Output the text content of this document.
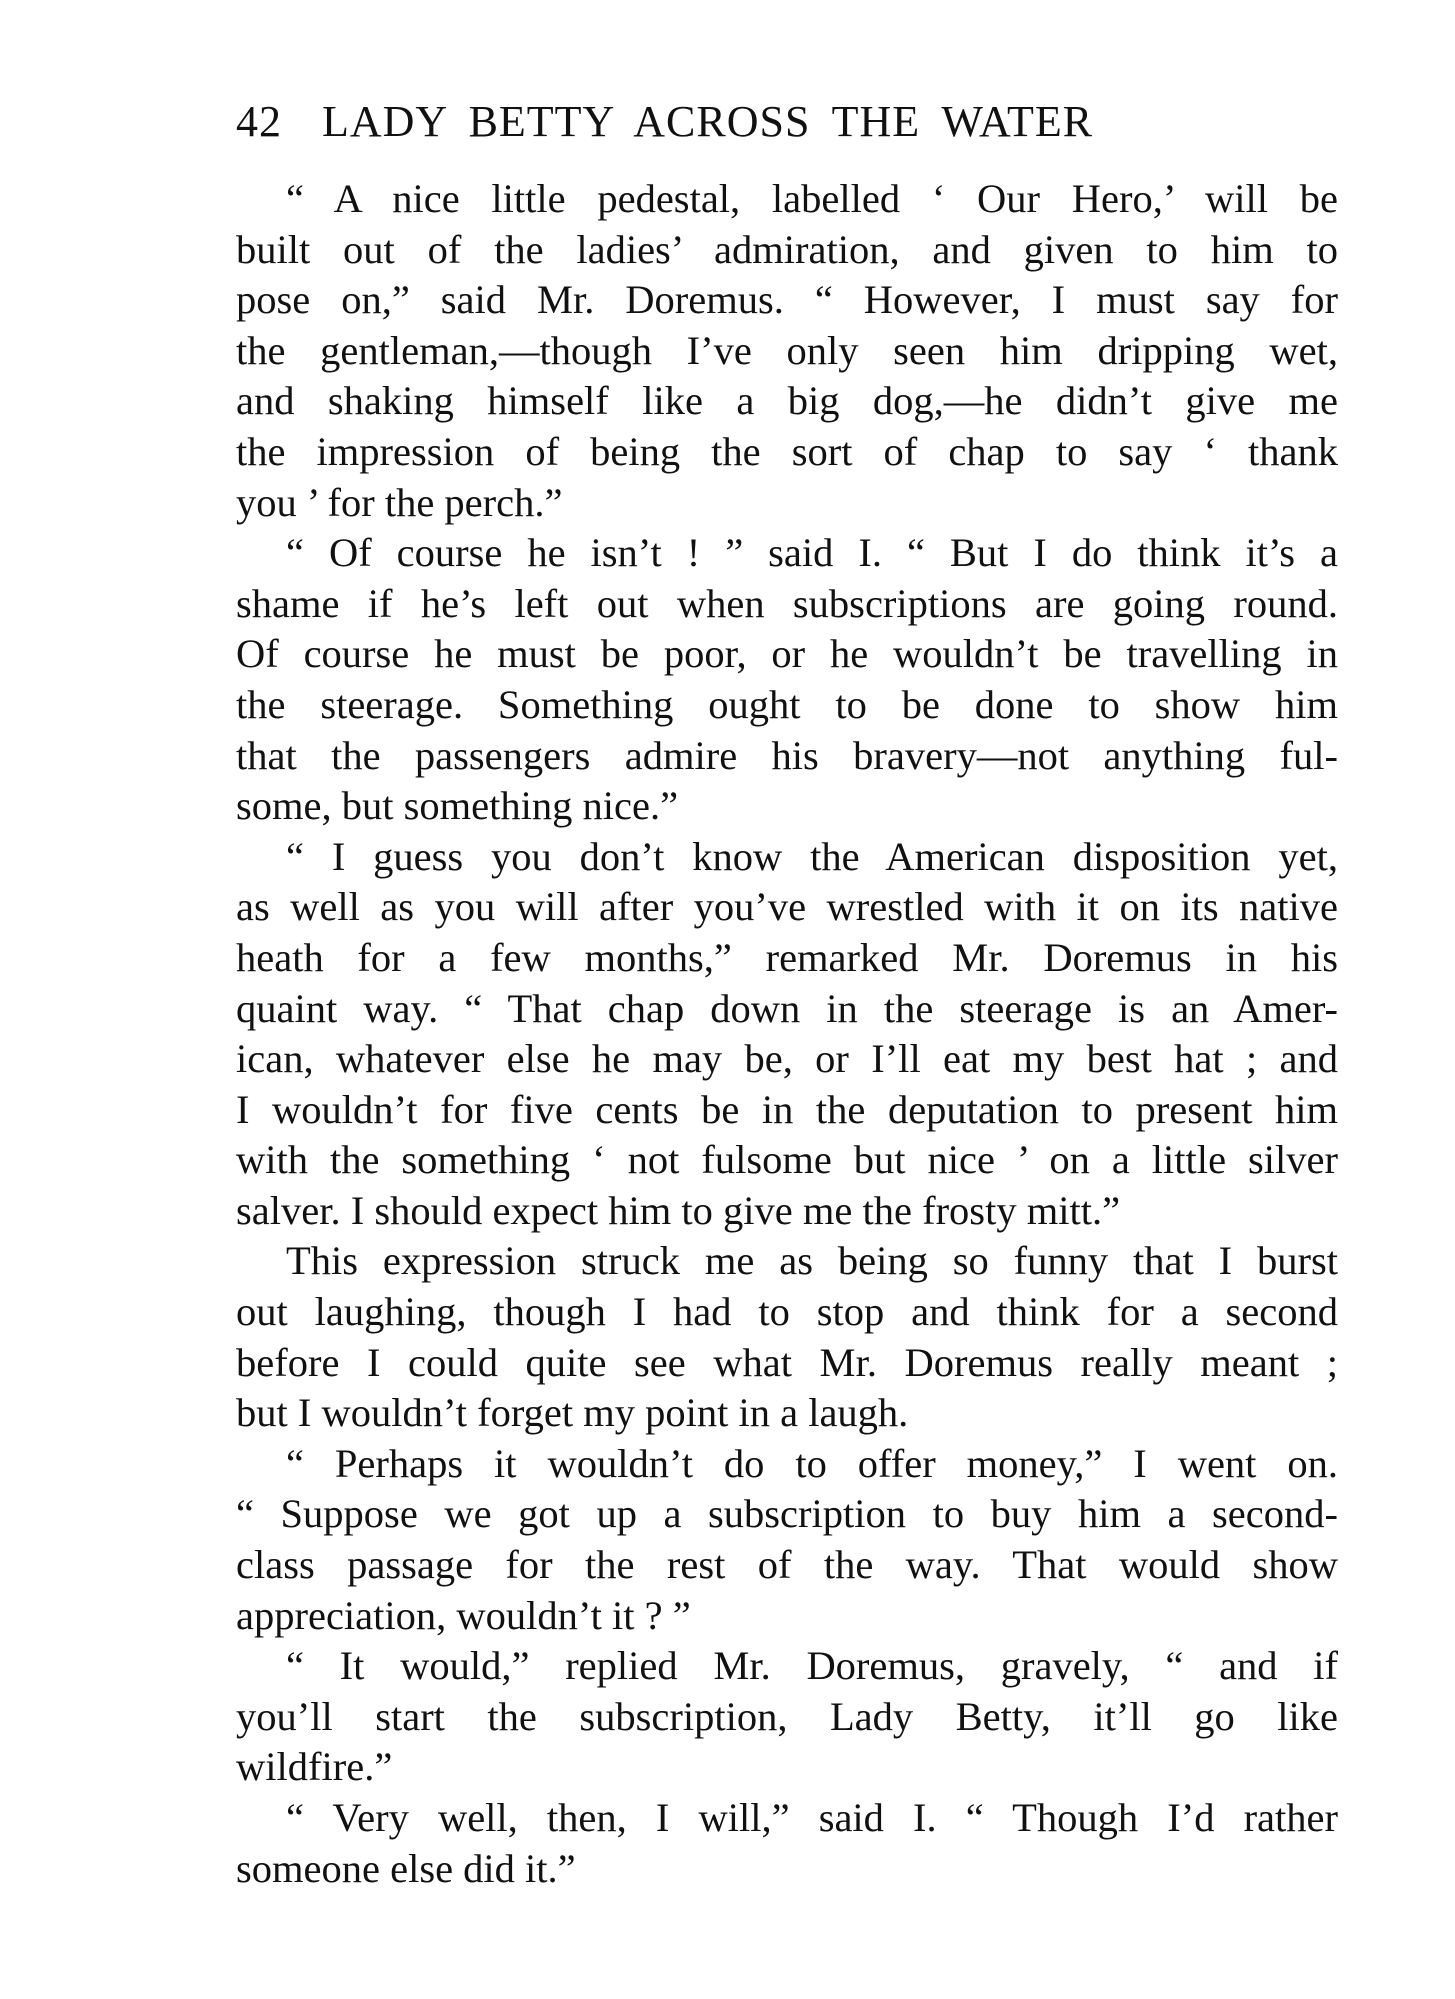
42 LADY BETTY ACROSS THE WATER
“ A nice little pedestal, labelled ‘ Our Hero,’ will be
built out of the ladies’ admiration, and given to him to
pose on,” said Mr. Doremus. “ However, I must say for
the gentleman,—though I’ve only seen him dripping wet,
and shaking himself like a big dog,—he didn’t give me
the impression of being the sort of chap to say ‘ thank
you ’ for the perch.”
“ Of course he isn’t ! ” said I. “ But I do think it’s a
shame if he’s left out when subscriptions are going round.
Of course he must be poor, or he wouldn’t be travelling in
the steerage. Something ought to be done to show him
that the passengers admire his bravery—not anything ful-
some, but something nice.”
“ I guess you don’t know the American disposition yet,
as well as you will after you’ve wrestled with it on its native
heath for a few months,” remarked Mr. Doremus in his
quaint way. “ That chap down in the steerage is an Amer-
ican, whatever else he may be, or I’ll eat my best hat ; and
I wouldn’t for five cents be in the deputation to present him
with the something ‘ not fulsome but nice ’ on a little silver
salver. I should expect him to give me the frosty mitt.”
This expression struck me as being so funny that I burst
out laughing, though I had to stop and think for a second
before I could quite see what Mr. Doremus really meant ;
but I wouldn’t forget my point in a laugh.
“ Perhaps it wouldn’t do to offer money,” I went on.
“ Suppose we got up a subscription to buy him a second-
class passage for the rest of the way. That would show
appreciation, wouldn’t it ? ”
“ It would,” replied Mr. Doremus, gravely, “ and if
you’ll start the subscription, Lady Betty, it’ll go like
wildfire.”
“ Very well, then, I will,” said I. “ Though I’d rather
someone else did it.”
